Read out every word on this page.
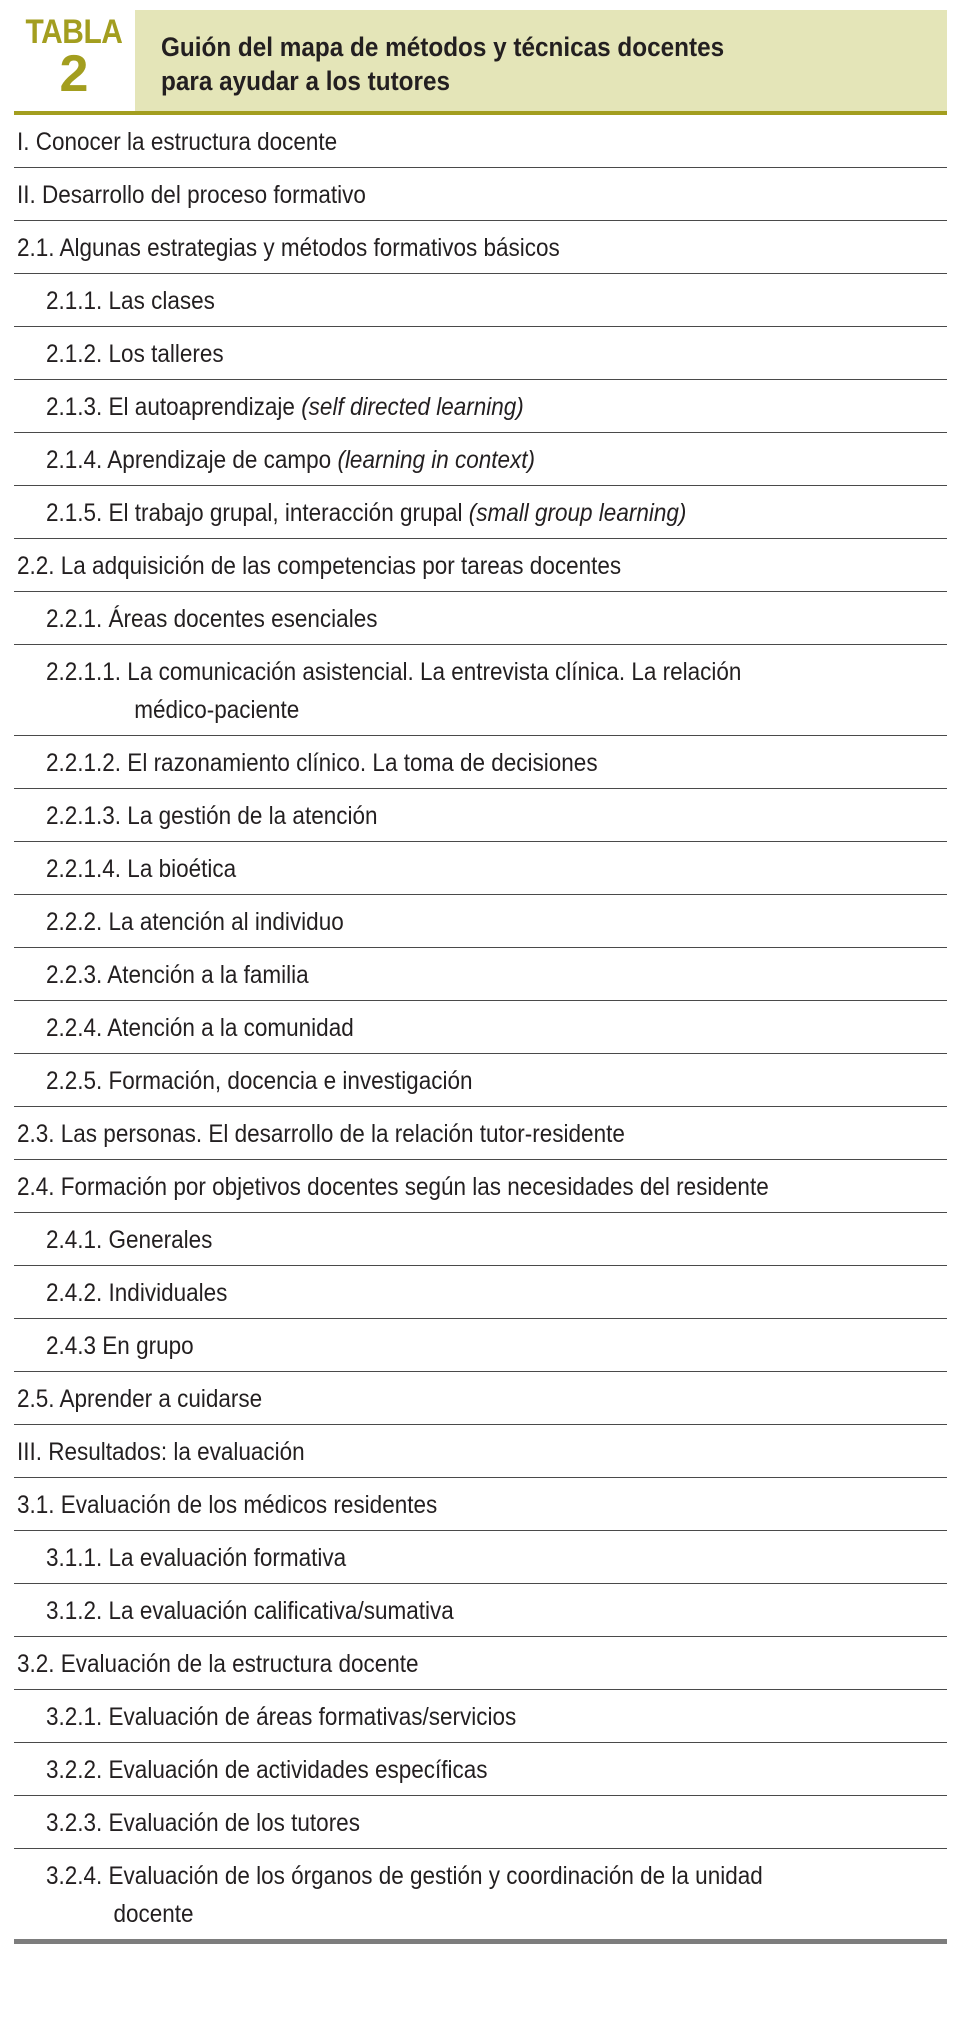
TABLA
2	Guión del mapa de métodos y técnicas docentes
para ayudar a los tutores
I. Conocer la estructura docente
II. Desarrollo del proceso formativo
2.1. Algunas estrategias y métodos formativos básicos
2.1.1. Las clases
2.1.2. Los talleres
2.1.3. El autoaprendizaje (self directed learning)
2.1.4. Aprendizaje de campo (learning in context)
2.1.5. El trabajo grupal, interacción grupal (small group learning)
2.2. La adquisición de las competencias por tareas docentes
2.2.1. Áreas docentes esenciales
2.2.1.1. La comunicación asistencial. La entrevista clínica. La relación
médico-paciente
2.2.1.2. El razonamiento clínico. La toma de decisiones
2.2.1.3. La gestión de la atención
2.2.1.4. La bioética
2.2.2. La atención al individuo
2.2.3. Atención a la familia
2.2.4. Atención a la comunidad
2.2.5. Formación, docencia e investigación
2.3. Las personas. El desarrollo de la relación tutor-residente
2.4. Formación por objetivos docentes según las necesidades del residente
2.4.1. Generales
2.4.2. Individuales
2.4.3 En grupo
2.5. Aprender a cuidarse
III. Resultados: la evaluación
3.1. Evaluación de los médicos residentes
3.1.1. La evaluación formativa
3.1.2. La evaluación calificativa/sumativa
3.2. Evaluación de la estructura docente
3.2.1. Evaluación de áreas formativas/servicios
3.2.2. Evaluación de actividades específicas
3.2.3. Evaluación de los tutores
3.2.4. Evaluación de los órganos de gestión y coordinación de la unidad
docente
